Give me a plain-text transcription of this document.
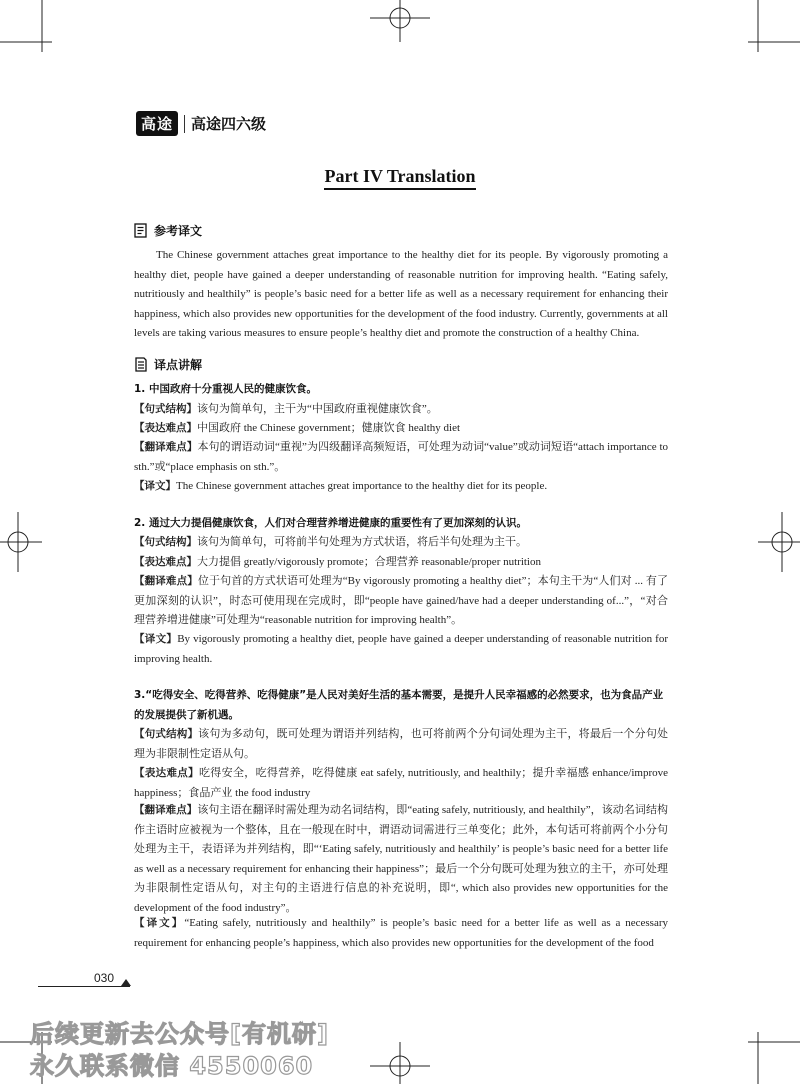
高途	高途四六级
Part IV Translation
参考译文

The Chinese government attaches great importance to the healthy diet for its people. By vigorously promoting a healthy diet, people have gained a deeper understanding of reasonable nutrition for improving health. “Eating safely, nutritiously and healthily” is people’s basic need for a better life as well as a necessary requirement for enhancing their happiness, which also provides new opportunities for the development of the food industry. Currently, governments at all levels are taking various measures to ensure people’s healthy diet and promote the construction of a healthy China.

译点讲解

1. 中国政府十分重视人民的健康饮食。

【句式结构】该句为简单句，主干为“中国政府重视健康饮食”。

【表达难点】中国政府 the Chinese government；健康饮食 healthy diet

【翻译难点】本句的谓语动词“重视”为四级翻译高频短语，可处理为动词“value”或动词短语“attach importance to sth.”或“place emphasis on sth.”。

【译文】The Chinese government attaches great importance to the healthy diet for its people.

2. 通过大力提倡健康饮食，人们对合理营养增进健康的重要性有了更加深刻的认识。

【句式结构】该句为简单句，可将前半句处理为方式状语，将后半句处理为主干。

【表达难点】大力提倡 greatly/vigorously promote；合理营养 reasonable/proper nutrition

【翻译难点】位于句首的方式状语可处理为“By vigorously promoting a healthy diet”；本句主干为“人们对 ... 有了更加深刻的认识”，时态可使用现在完成时，即“people have gained/have had a deeper understanding of...”，“对合理营养增进健康”可处理为“reasonable nutrition for improving health”。

【译文】By vigorously promoting a healthy diet, people have gained a deeper understanding of reasonable nutrition for improving health.

3.“吃得安全、吃得营养、吃得健康”是人民对美好生活的基本需要，是提升人民幸福感的必然要求，也为食品产业的发展提供了新机遇。

【句式结构】该句为多动句，既可处理为谓语并列结构，也可将前两个分句词处理为主干，将最后一个分句处理为非限制性定语从句。

【表达难点】吃得安全，吃得营养，吃得健康 eat safely, nutritiously, and healthily；提升幸福感 enhance/improve happiness；食品产业 the food industry

【翻译难点】该句主语在翻译时需处理为动名词结构，即“eating safely, nutritiously, and healthily”，该动名词结构作主语时应被视为一个整体，且在一般现在时中，谓语动词需进行三单变化；此外，本句话可将前两个小分句处理为主干，表语译为并列结构，即“‘Eating safely, nutritiously and healthily’ is people’s basic need for a better life as well as a necessary requirement for enhancing their happiness”；最后一个分句既可处理为独立的主干，亦可处理为非限制性定语从句，对主句的主语进行信息的补充说明，即“, which also provides new opportunities for the development of the food industry”。

【译文】“Eating safely, nutritiously and healthily” is people’s basic need for a better life as well as a necessary requirement for enhancing people’s happiness, which also provides new opportunities for the development of the food

030
后续更新去公众号[有机研]
永久联系微信 4550060
